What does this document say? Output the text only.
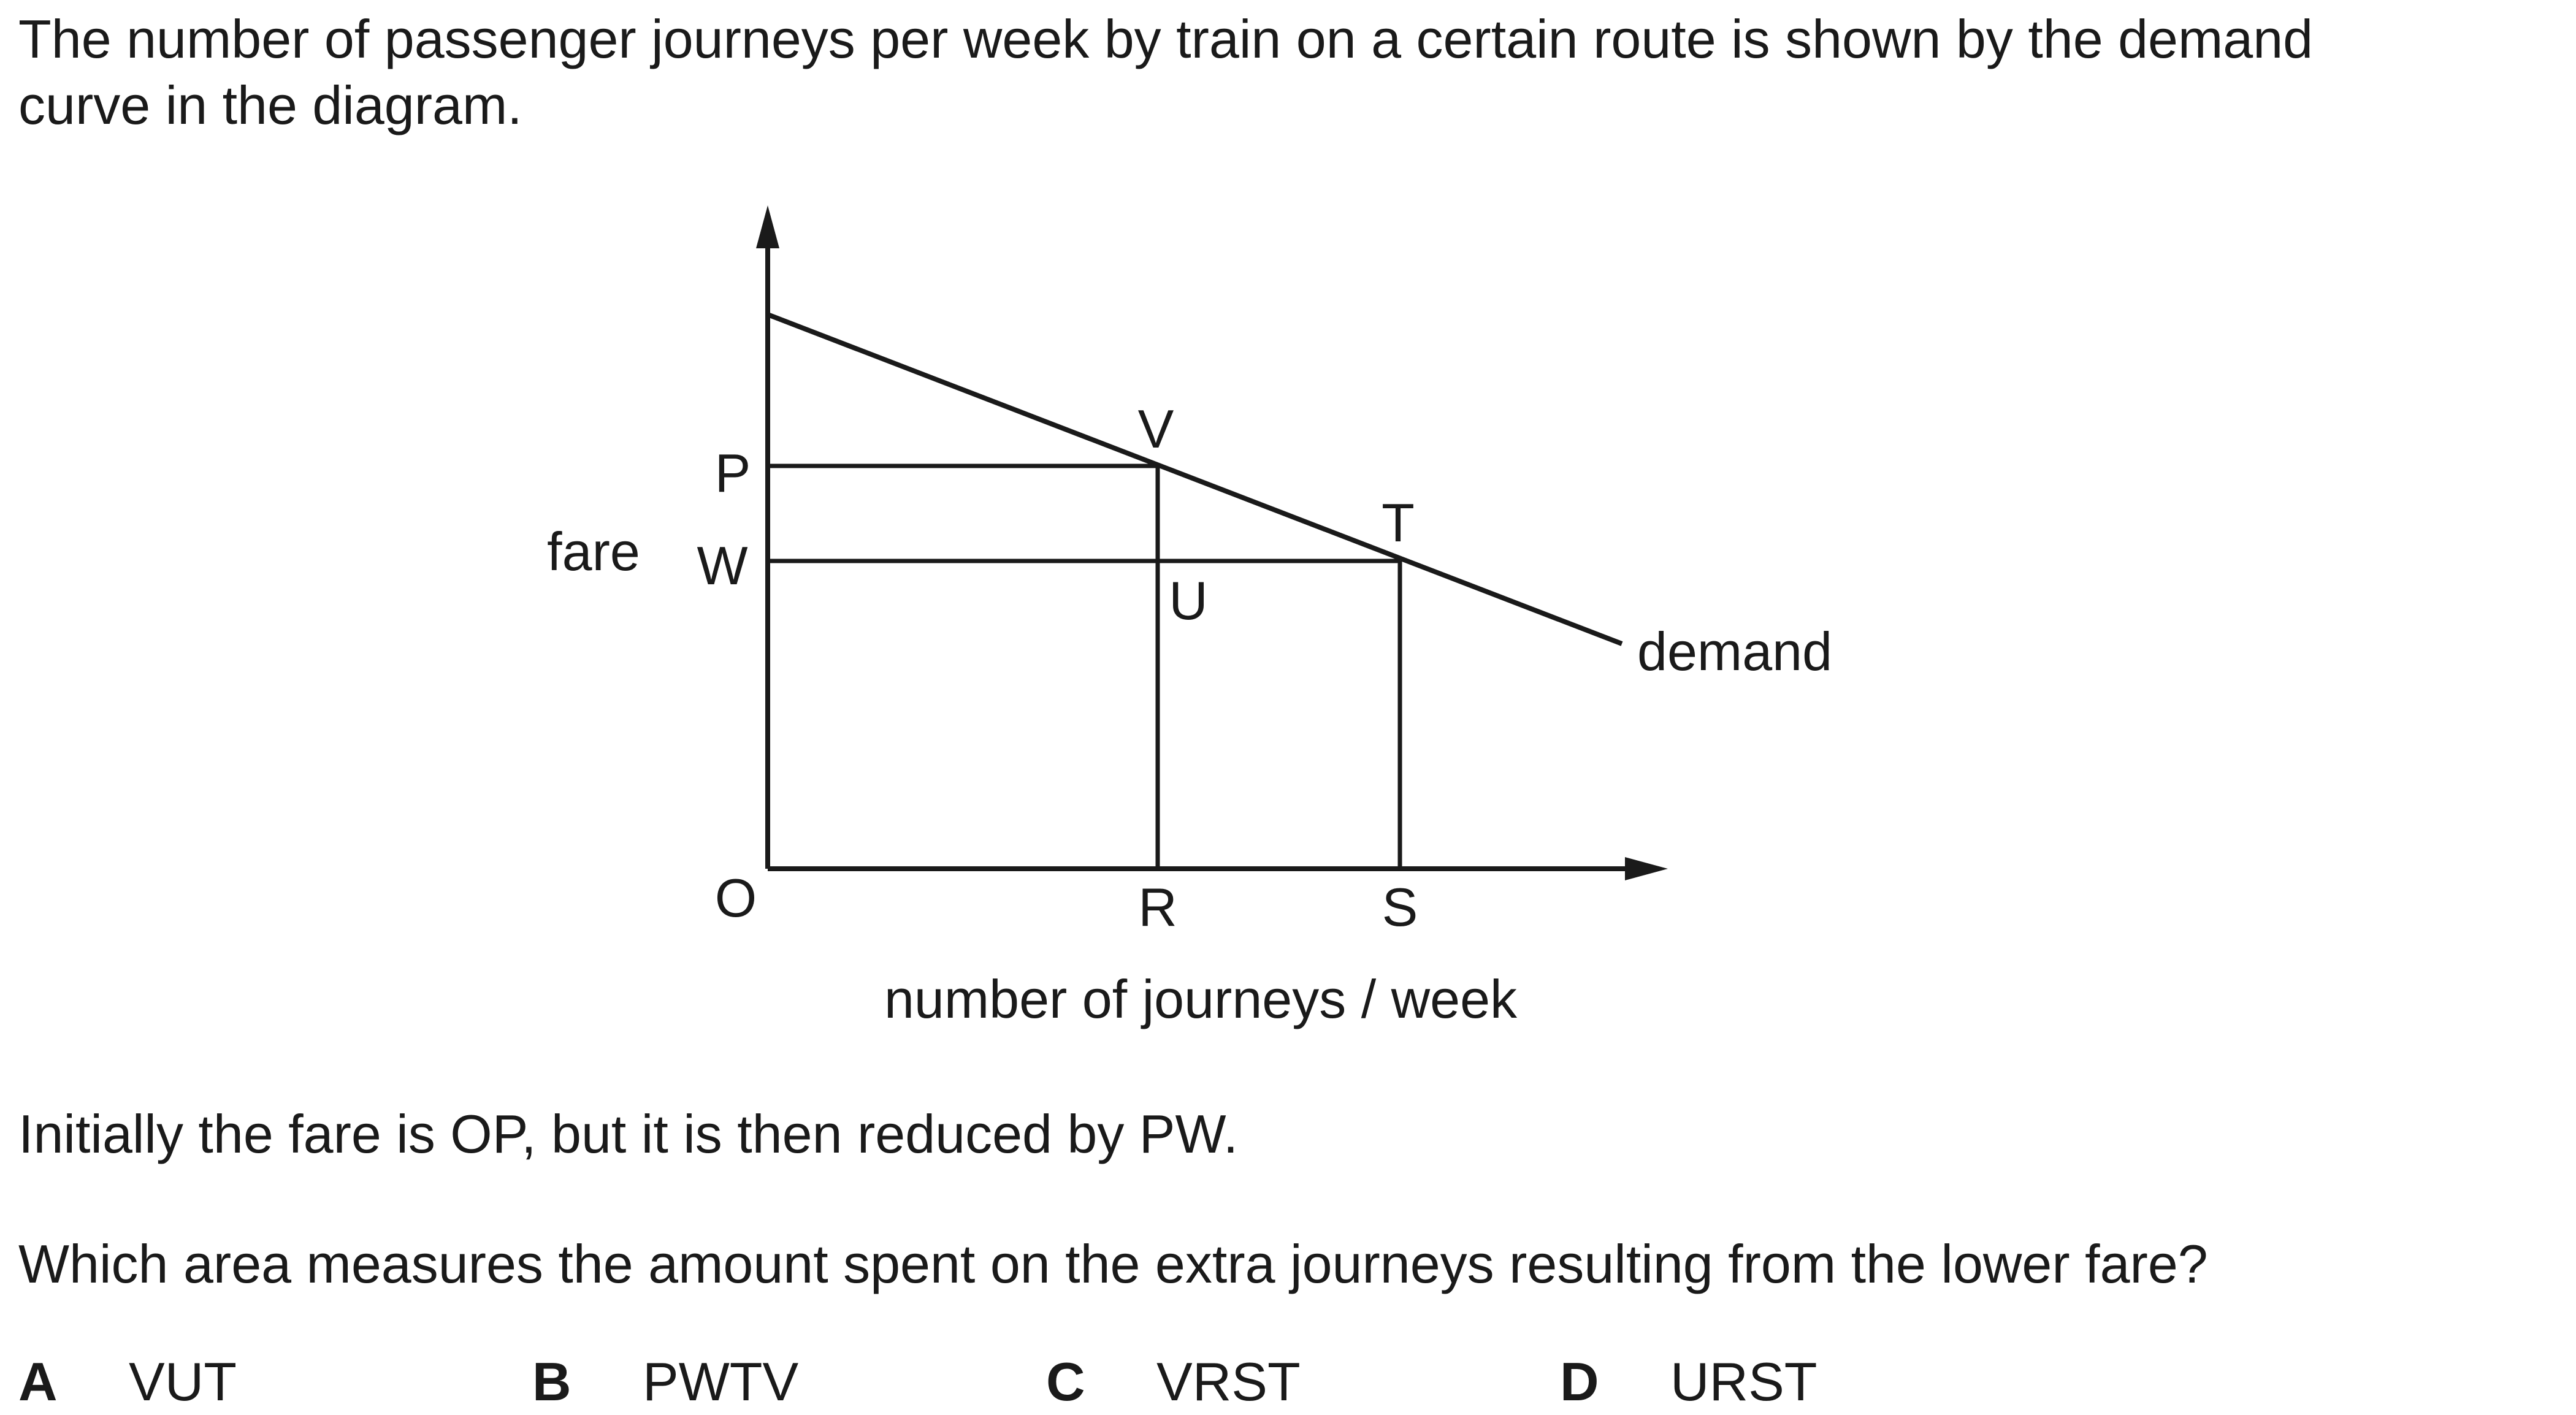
The number of passenger journeys per week by train on a certain route is shown by the demand
curve in the diagram.

P
W
fare
V
T
U
demand
O	R	S
number of journeys / week

Initially the fare is OP, but it is then reduced by PW.

Which area measures the amount spent on the extra journeys resulting from the lower fare?

A VUT	B PWTV	C VRST	D URST
